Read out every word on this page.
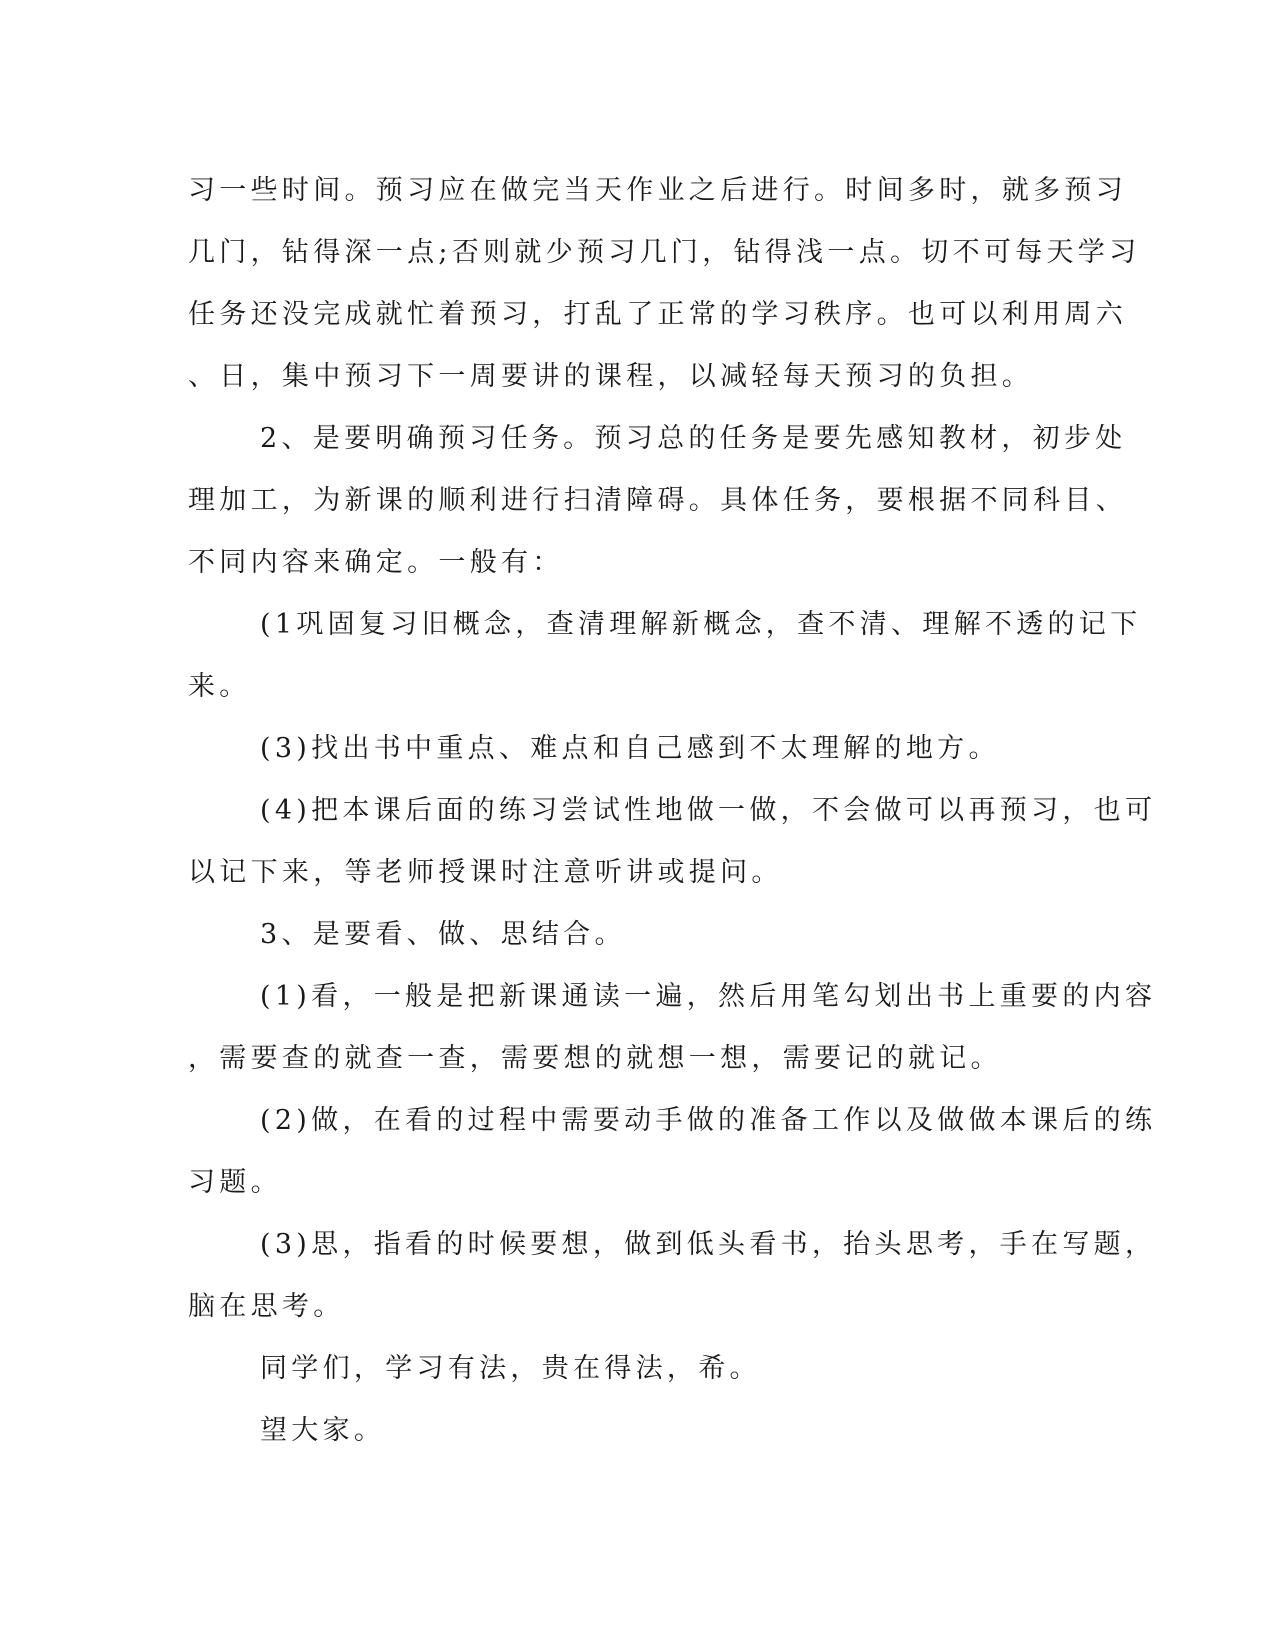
习一些时间。预习应在做完当天作业之后进行。时间多时，就多预习
几门，钻得深一点;否则就少预习几门，钻得浅一点。切不可每天学习
任务还没完成就忙着预习，打乱了正常的学习秩序。也可以利用周六
、日，集中预习下一周要讲的课程，以减轻每天预习的负担。
2、是要明确预习任务。预习总的任务是要先感知教材，初步处
理加工，为新课的顺利进行扫清障碍。具体任务，要根据不同科目、
不同内容来确定。一般有：
(1巩固复习旧概念，查清理解新概念，查不清、理解不透的记下
来。
(3)找出书中重点、难点和自己感到不太理解的地方。
(4)把本课后面的练习尝试性地做一做，不会做可以再预习，也可
以记下来，等老师授课时注意听讲或提问。
3、是要看、做、思结合。
(1)看，一般是把新课通读一遍，然后用笔勾划出书上重要的内容
，需要查的就查一查，需要想的就想一想，需要记的就记。
(2)做，在看的过程中需要动手做的准备工作以及做做本课后的练
习题。
(3)思，指看的时候要想，做到低头看书，抬头思考，手在写题，
脑在思考。
同学们，学习有法，贵在得法，希。
望大家。
